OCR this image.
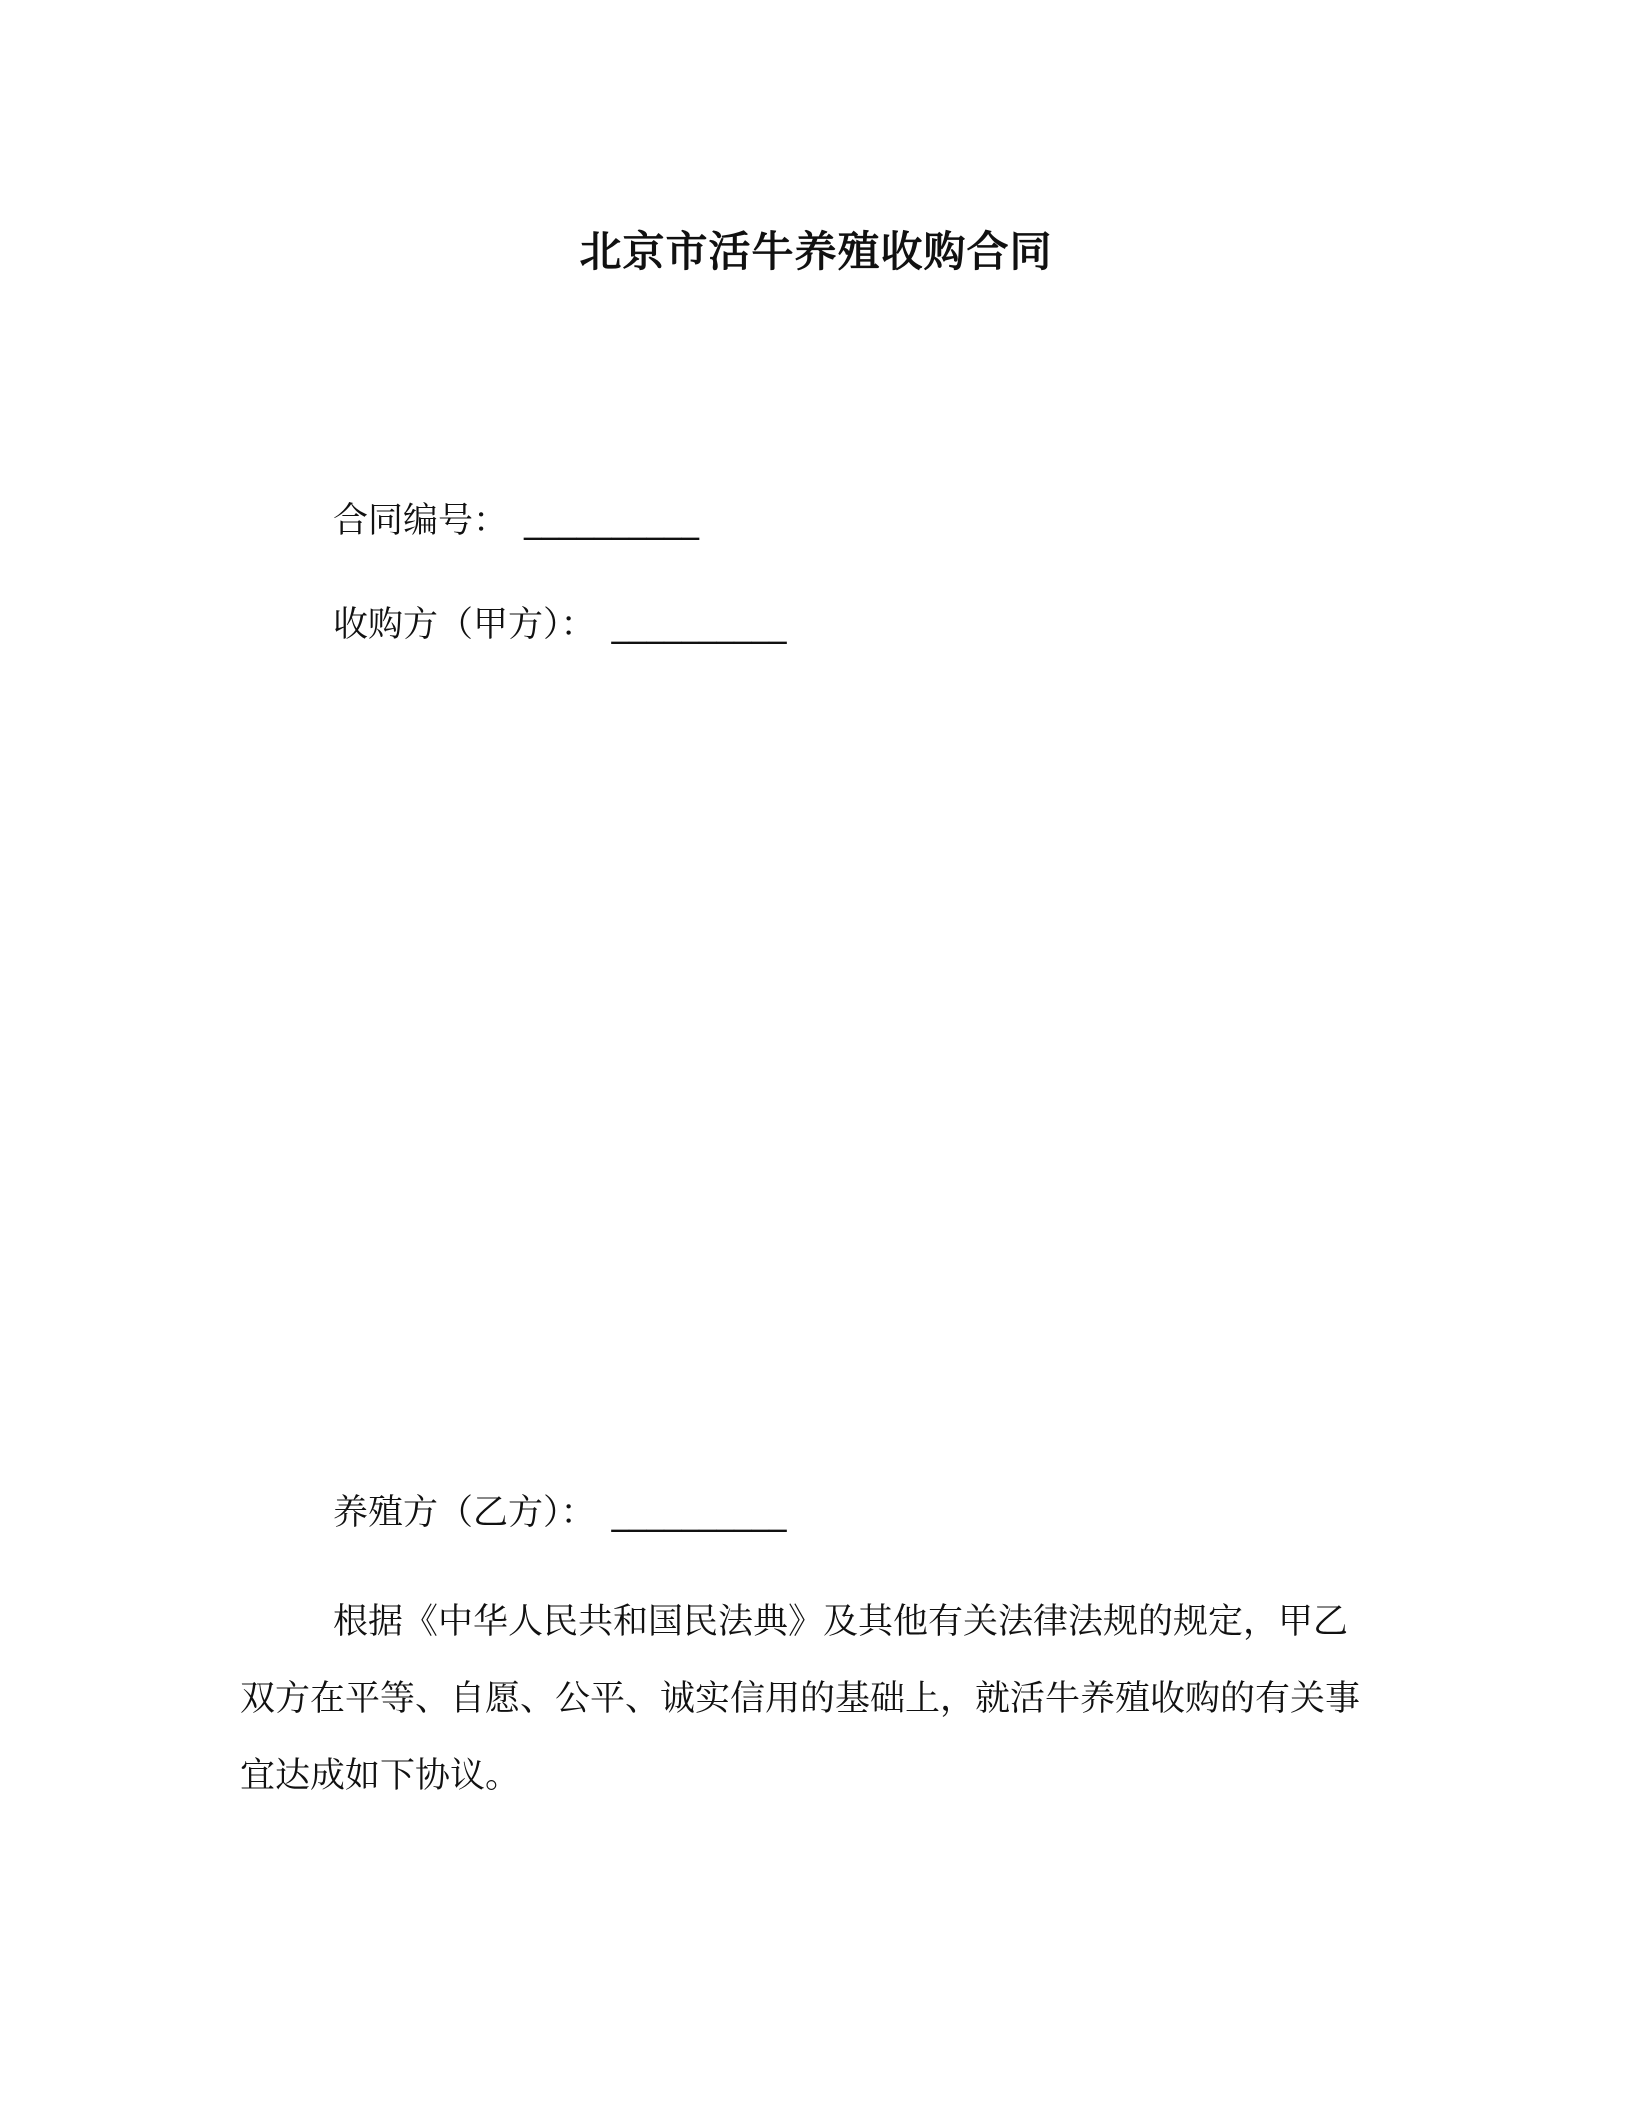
北京市活牛养殖收购合同
合同编号： __________
收购方（甲方）： __________
养殖方（乙方）： __________

根据《中华人民共和国民法典》及其他有关法律法规的规定，甲乙双方在平等、自愿、公平、诚实信用的基础上，就活牛养殖收购的有关事宜达成如下协议。
